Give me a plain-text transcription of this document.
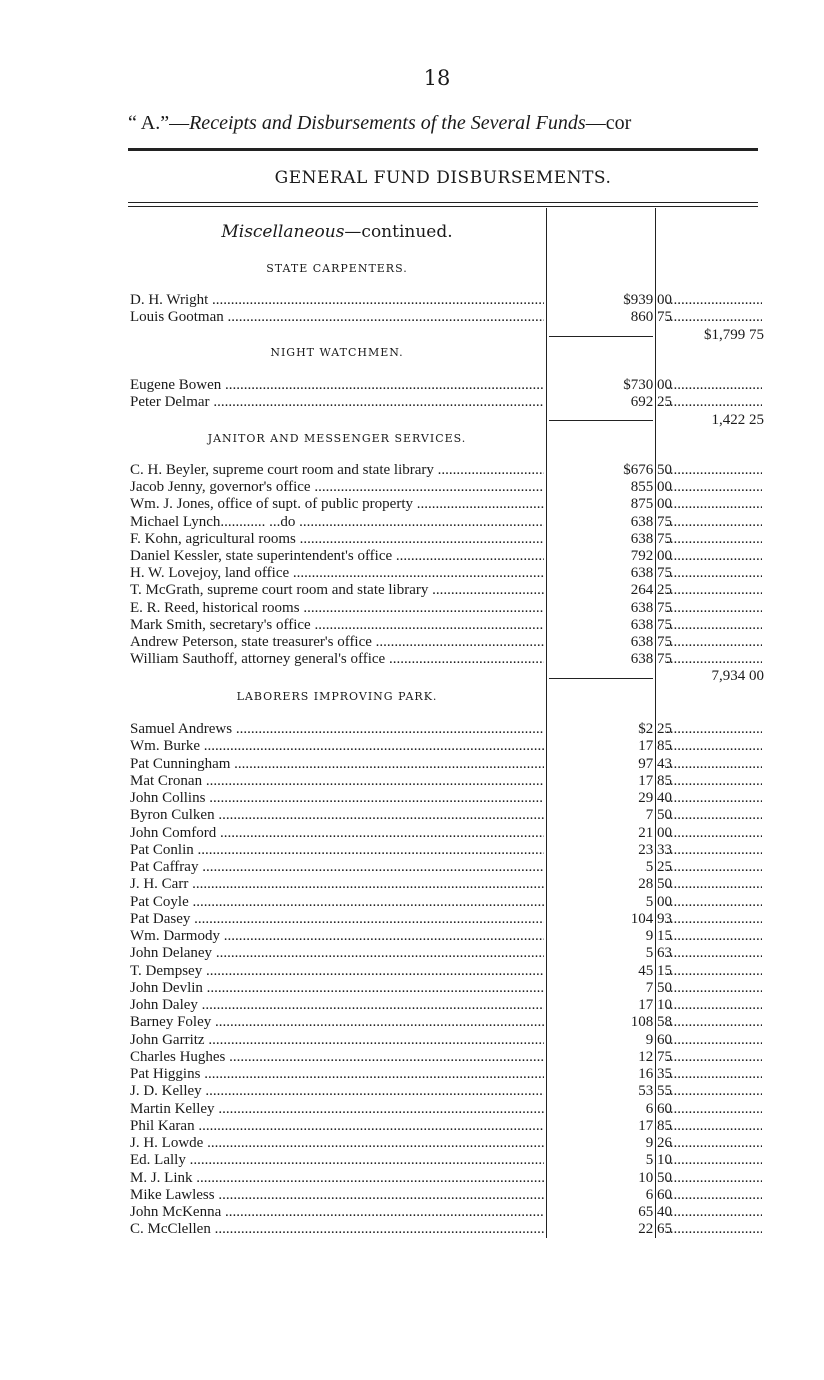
18
“ A.”—Receipts and Disbursements of the Several Funds—cor
GENERAL FUND DISBURSEMENTS.
Miscellaneous—continued.
STATE CARPENTERS.
D. H. Wright .....	$939 00
.....
Louis Gootman .....	860 75
.....
$1,799 75
NIGHT WATCHMEN.
Eugene Bowen .....	$730 00
.....
Peter Delmar .....	692 25
.....
1,422 25
JANITOR AND MESSENGER SERVICES.
C. H. Beyler, supreme court room and state library .....	$676 50
.....
Jacob Jenny, governor's office .....	855 00
.....
Wm. J. Jones, office of supt. of public property .....	875 00
.....
Michael Lynch............ ...do .....	638 75
.....
F. Kohn, agricultural rooms .....	638 75
.....
Daniel Kessler, state superintendent's office .....	792 00
.....
H. W. Lovejoy, land office .....	638 75
.....
T. McGrath, supreme court room and state library .....	264 25
.....
E. R. Reed, historical rooms .....	638 75
.....
Mark Smith, secretary's office .....	638 75
.....
Andrew Peterson, state treasurer's office .....	638 75
.....
William Sauthoff, attorney general's office .....	638 75
.....
7,934 00
LABORERS IMPROVING PARK.
Samuel Andrews .....	$2 25
.....
Wm. Burke .....	17 85
.....
Pat Cunningham .....	97 43
.....
Mat Cronan .....	17 85
.....
John Collins .....	29 40
.....
Byron Culken .....	7 50
.....
John Comford .....	21 00
.....
Pat Conlin .....	23 33
.....
Pat Caffray .....	5 25
.....
J. H. Carr .....	28 50
.....
Pat Coyle .....	5 00
.....
Pat Dasey .....	104 93
.....
Wm. Darmody .....	9 15
.....
John Delaney .....	5 63
.....
T. Dempsey .....	45 15
.....
John Devlin .....	7 50
.....
John Daley .....	17 10
.....
Barney Foley .....	108 58
.....
John Garritz .....	9 60
.....
Charles Hughes .....	12 75
.....
Pat Higgins .....	16 35
.....
J. D. Kelley .....	53 55
.....
Martin Kelley .....	6 60
.....
Phil Karan .....	17 85
.....
J. H. Lowde .....	9 26
.....
Ed. Lally .....	5 10
.....
M. J. Link .....	10 50
.....
Mike Lawless .....	6 60
.....
John McKenna .....	65 40
.....
C. McClellen .....	22 65
.....
